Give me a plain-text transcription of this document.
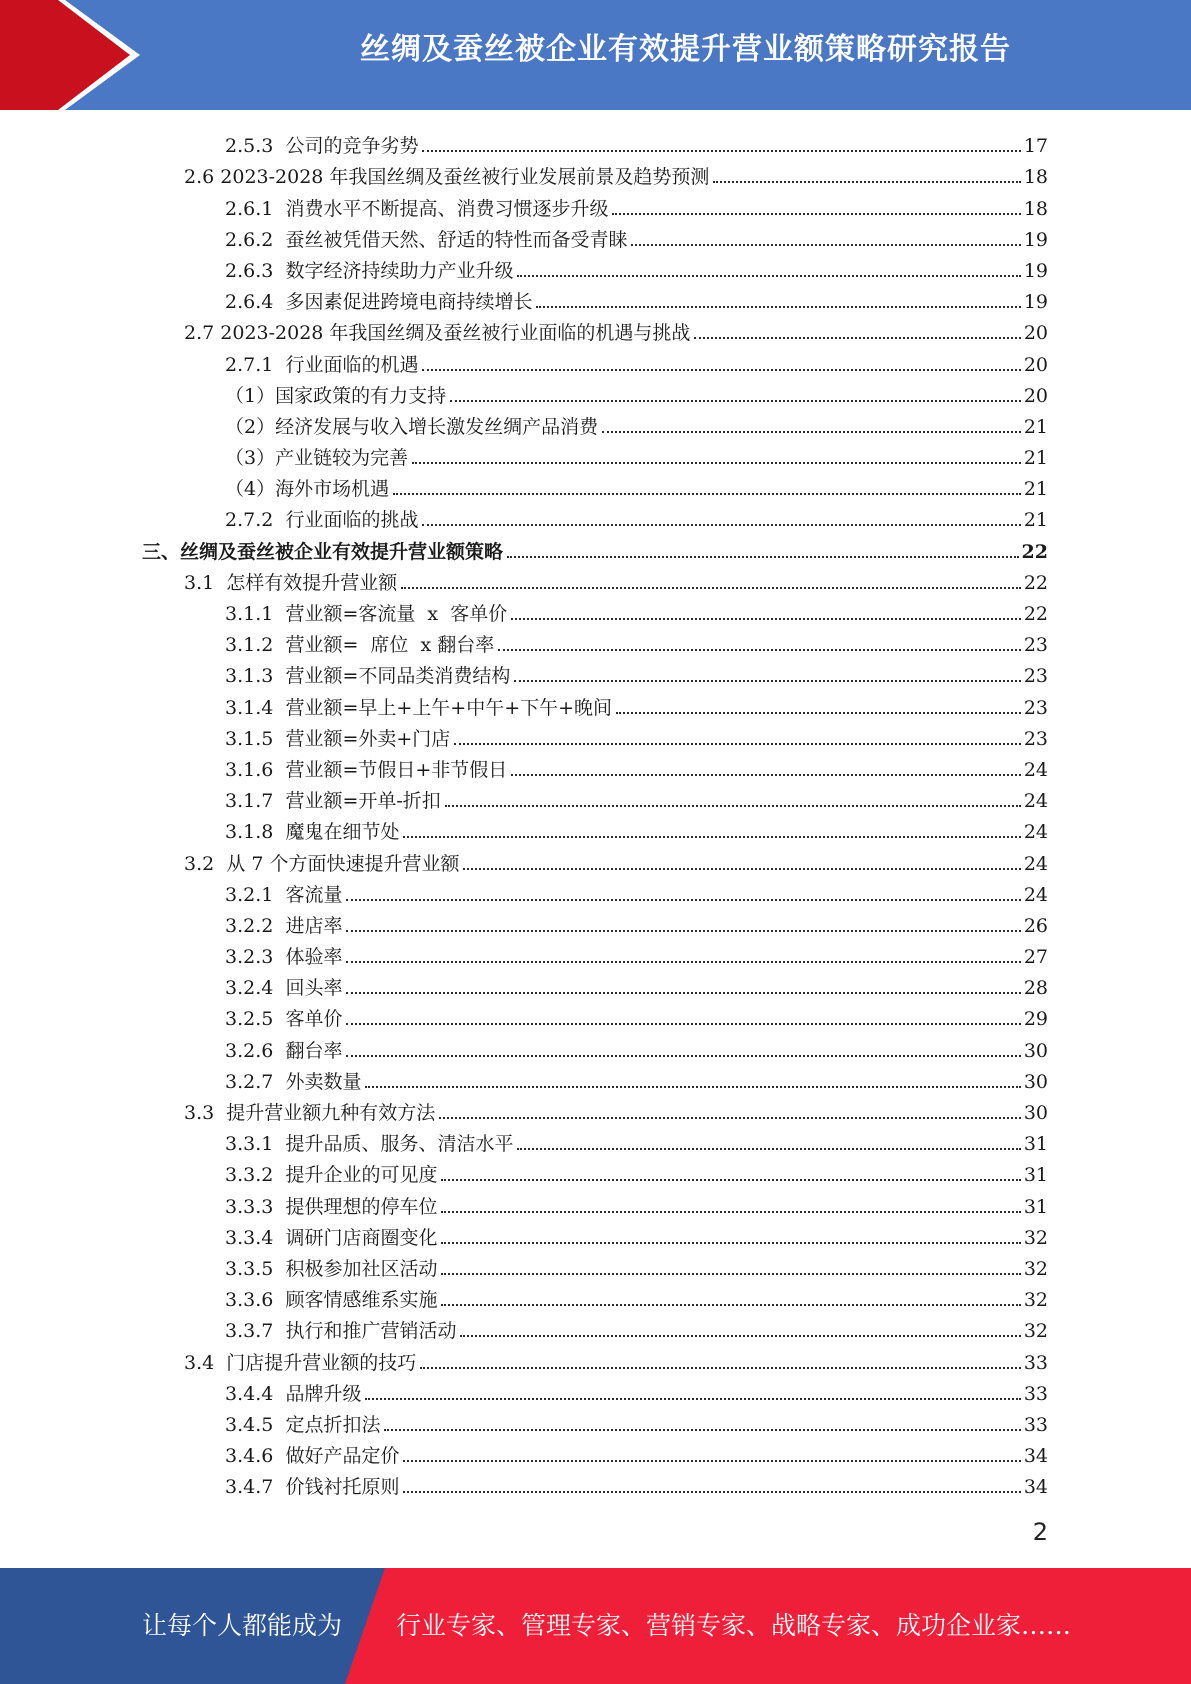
丝绸及蚕丝被企业有效提升营业额策略研究报告
2.5.3 公司的竞争劣势	17
2.6 2023-2028 年我国丝绸及蚕丝被行业发展前景及趋势预测	18
2.6.1 消费水平不断提高、消费习惯逐步升级	18
2.6.2 蚕丝被凭借天然、舒适的特性而备受青睐	19
2.6.3 数字经济持续助力产业升级	19
2.6.4 多因素促进跨境电商持续增长	19
2.7 2023-2028 年我国丝绸及蚕丝被行业面临的机遇与挑战	20
2.7.1 行业面临的机遇	20
（1） 国家政策的有力支持	20
（2） 经济发展与收入增长激发丝绸产品消费	21
（3） 产业链较为完善	21
（4） 海外市场机遇	21
2.7.2 行业面临的挑战	21
三、 丝绸及蚕丝被企业有效提升营业额策略	22
3.1 怎样有效提升营业额	22
3.1.1 营业额=客流量  x  客单价	22
3.1.2 营业额=  席位  x 翻台率	23
3.1.3 营业额=不同品类消费结构	23
3.1.4 营业额=早上+上午+中午+下午+晚间	23
3.1.5 营业额=外卖+门店	23
3.1.6 营业额=节假日+非节假日	24
3.1.7 营业额=开单-折扣	24
3.1.8 魔鬼在细节处	24
3.2 从 7 个方面快速提升营业额	24
3.2.1 客流量	24
3.2.2 进店率	26
3.2.3 体验率	27
3.2.4 回头率	28
3.2.5 客单价	29
3.2.6 翻台率	30
3.2.7 外卖数量	30
3.3 提升营业额九种有效方法	30
3.3.1 提升品质、服务、清洁水平	31
3.3.2 提升企业的可见度	31
3.3.3 提供理想的停车位	31
3.3.4 调研门店商圈变化	32
3.3.5 积极参加社区活动	32
3.3.6 顾客情感维系实施	32
3.3.7 执行和推广营销活动	32
3.4 门店提升营业额的技巧	33
3.4.4 品牌升级	33
3.4.5 定点折扣法	33
3.4.6 做好产品定价	34
3.4.7 价钱衬托原则	34
2
让每个人都能成为 行业专家、管理专家、营销专家、战略专家、成功企业家……
